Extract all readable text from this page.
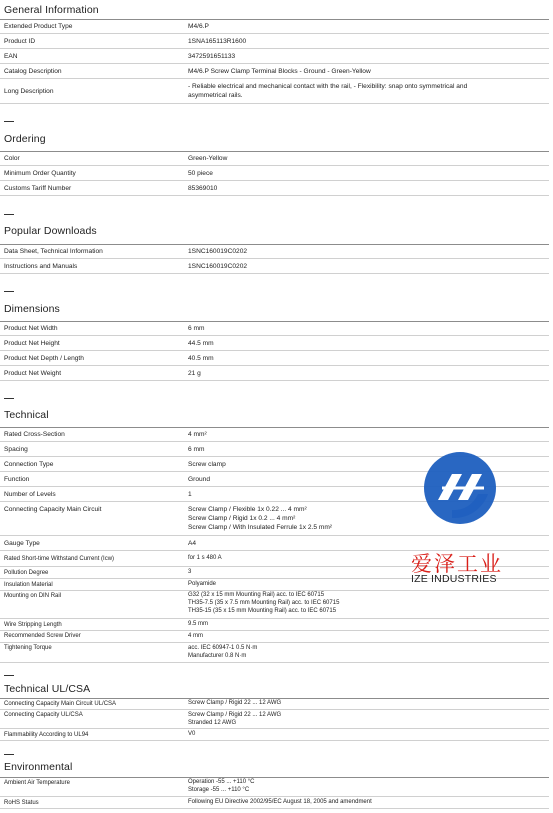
General Information
Extended Product Type	M4/6.P
Product ID	1SNA165113R1600
EAN	3472591651133
Catalog Description	M4/6.P Screw Clamp Terminal Blocks - Ground - Green-Yellow
Long Description
- Reliable electrical and mechanical contact with the rail, - Flexibility: snap onto symmetrical and
asymmetrical rails.
Ordering
Color	Green-Yellow
Minimum Order Quantity	50 piece
Customs Tariff Number	85369010
Popular Downloads
Data Sheet, Technical Information	1SNC160019C0202
Instructions and Manuals	1SNC160019C0202
Dimensions
Product Net Width	6 mm
Product Net Height	44.5 mm
Product Net Depth / Length	40.5 mm
Product Net Weight	21 g
Technical
Rated Cross-Section	4 mm²
Spacing	6 mm
Connection Type	Screw clamp
Function	Ground
Number of Levels	1
Connecting Capacity Main Circuit	Screw Clamp / Flexible 1x 0.22 ... 4 mm²
Screw Clamp / Rigid 1x 0.2 ... 4 mm²
Screw Clamp / With Insulated Ferrule 1x 2.5 mm²
Gauge Type	A4
Rated Short-time Withstand Current (Icw)	for 1 s 480 A
Pollution Degree	3
Insulation Material	Polyamide
Mounting on DIN Rail	G32 (32 x 15 mm Mounting Rail) acc. to IEC 60715
TH35-7.5 (35 x 7.5 mm Mounting Rail) acc. to IEC 60715
TH35-15 (35 x 15 mm Mounting Rail) acc. to IEC 60715
Wire Stripping Length	9.5 mm
Recommended Screw Driver	4 mm
Tightening Torque	acc. IEC 60947-1 0.5 N·m
Manufacturer 0.8 N·m
Technical UL/CSA
Connecting Capacity Main Circuit UL/CSA	Screw Clamp / Rigid 22 ... 12 AWG
Connecting Capacity UL/CSA	Screw Clamp / Rigid 22 ... 12 AWG
Stranded 12 AWG
Flammability According to UL94	V0
Environmental
Ambient Air Temperature	Operation -55 ... +110 °C
Storage -55 ... +110 °C
RoHS Status	Following EU Directive 2002/95/EC August 18, 2005 and amendment
爱泽工业
IZE INDUSTRIES
